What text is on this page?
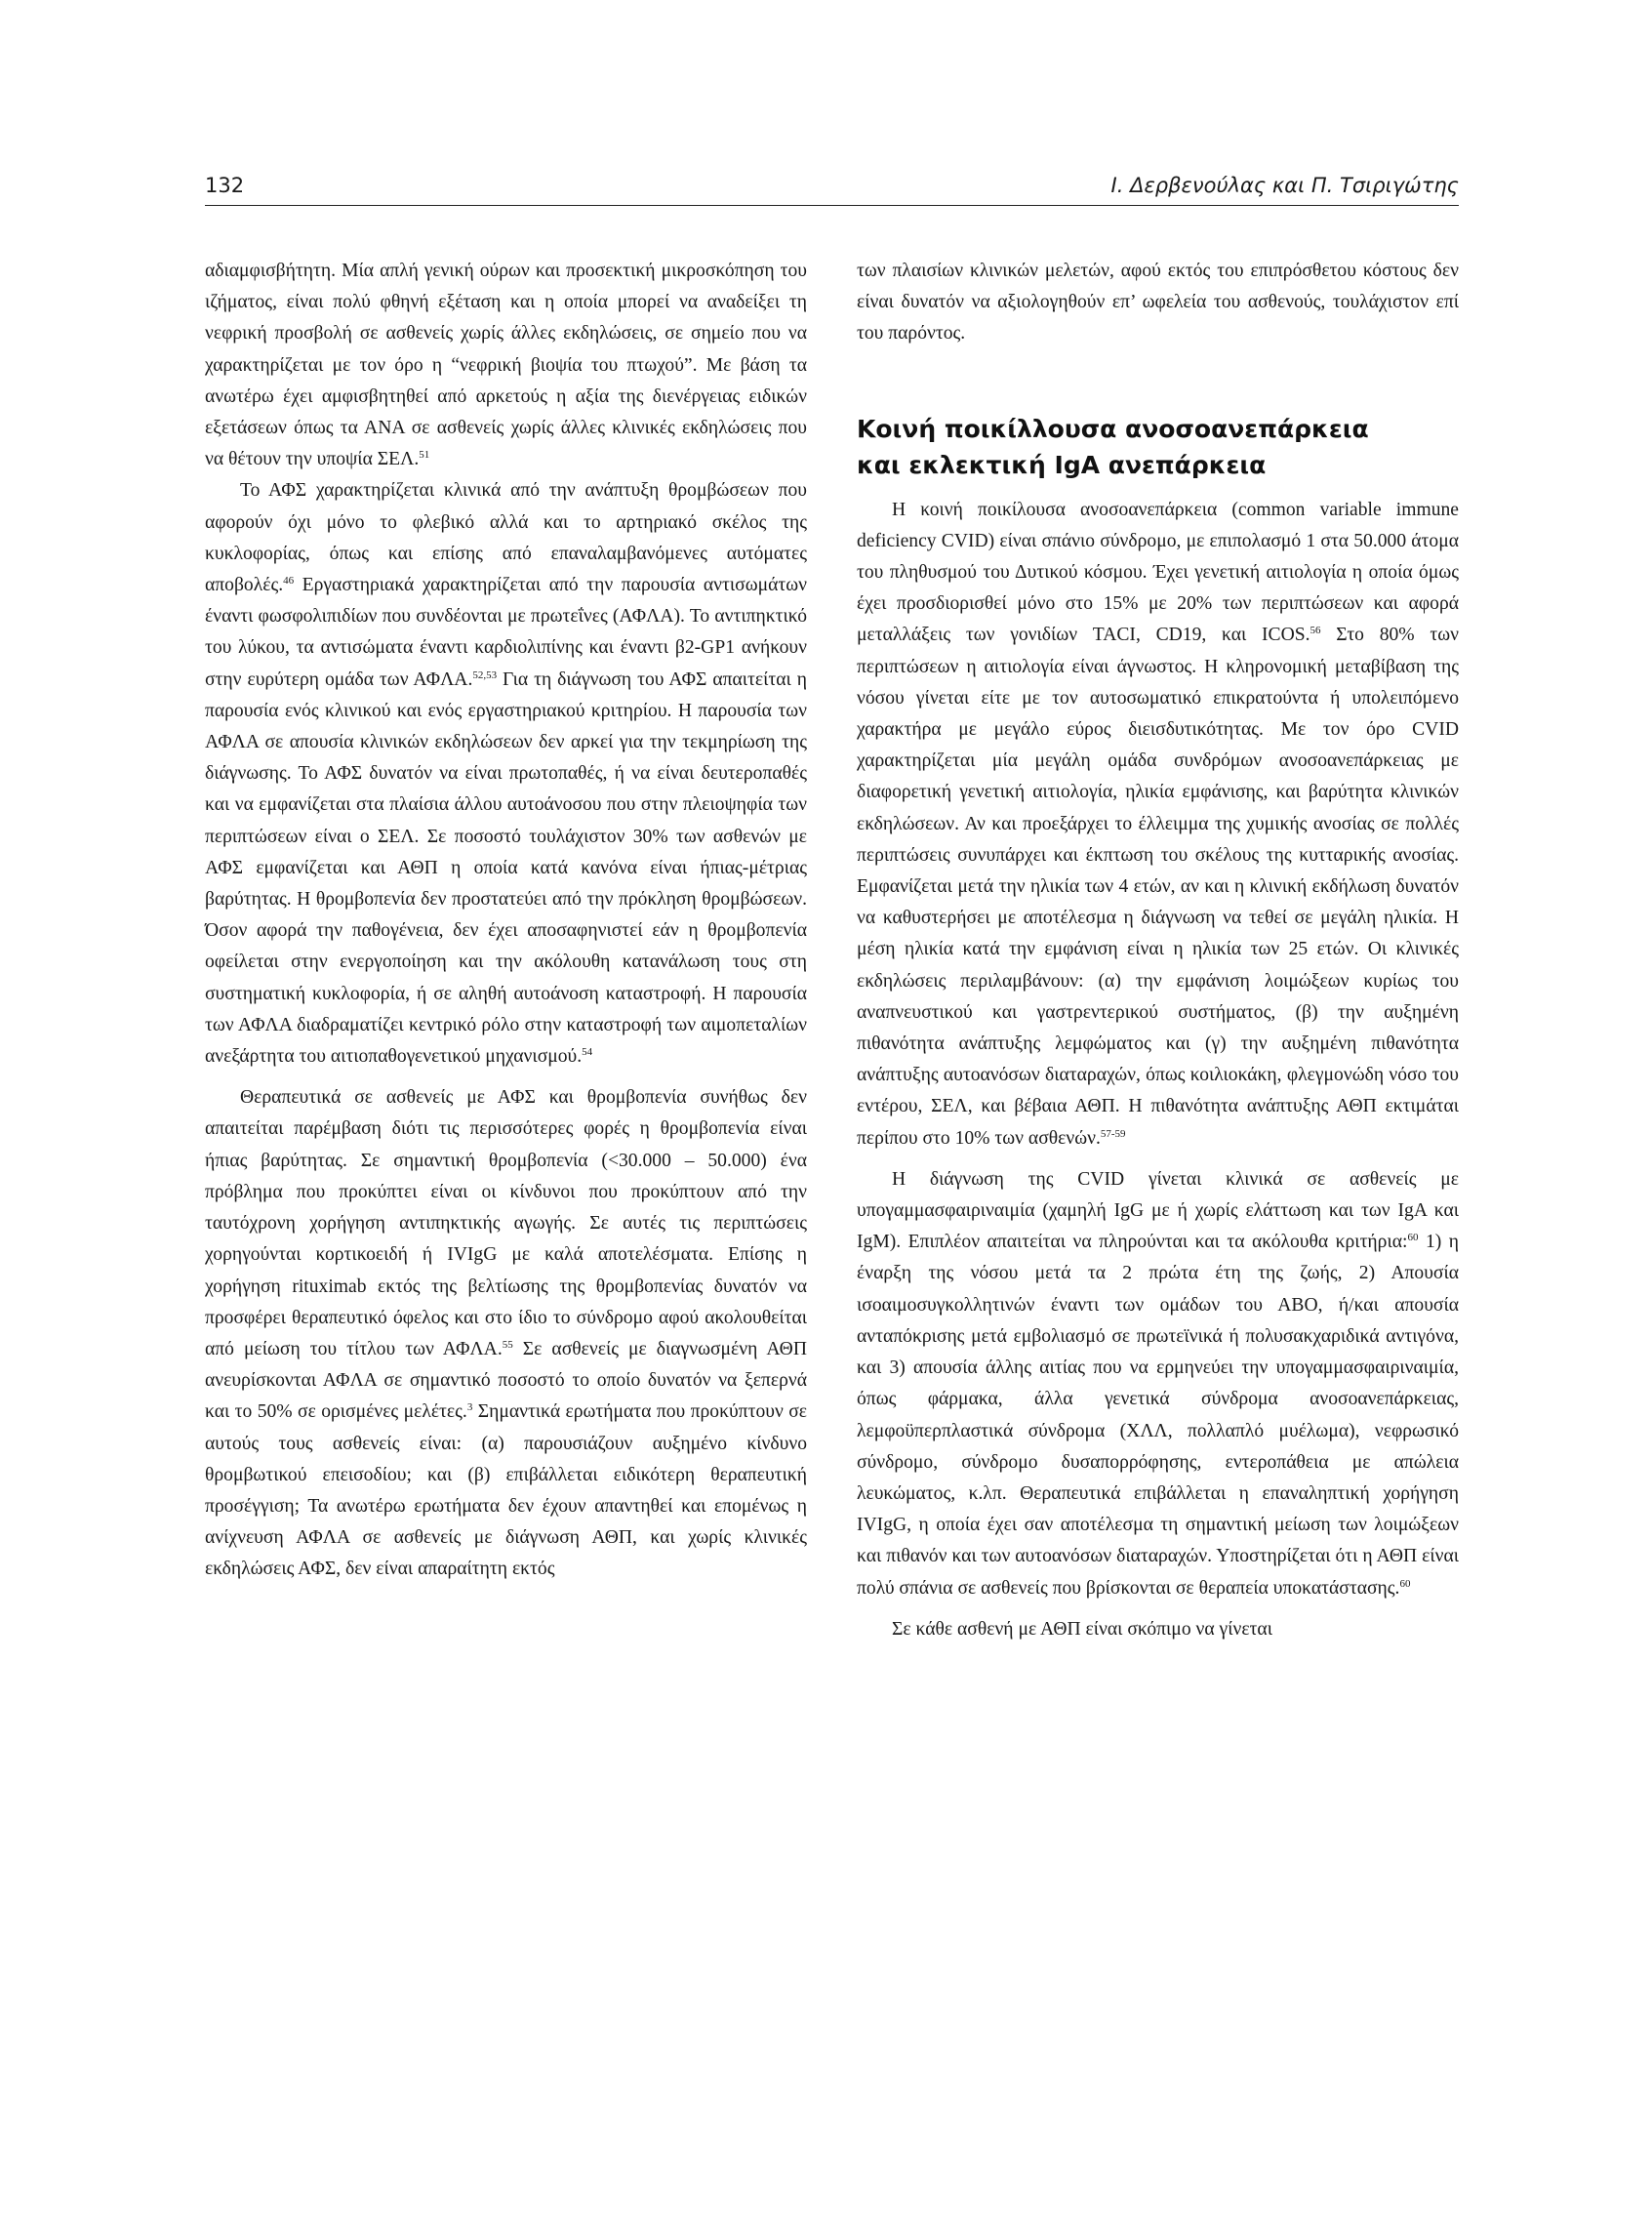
132	Ι. Δερβενούλας και Π. Τσιριγώτης

αδιαμφισβήτητη. Μία απλή γενική ούρων και προσεκτική μικροσκόπηση του ιζήματος, είναι πολύ φθηνή εξέταση και η οποία μπορεί να αναδείξει τη νεφρική προσβολή σε ασθενείς χωρίς άλλες εκδηλώσεις, σε σημείο που να χαρακτηρίζεται με τον όρο η “νεφρική βιοψία του πτωχού”. Με βάση τα ανωτέρω έχει αμφισβητηθεί από αρκετούς η αξία της διενέργειας ειδικών εξετάσεων όπως τα ΑΝΑ σε ασθενείς χωρίς άλλες κλινικές εκδηλώσεις που να θέτουν την υποψία ΣΕΛ.$^{51}$

Το ΑΦΣ χαρακτηρίζεται κλινικά από την ανάπτυξη θρομβώσεων που αφορούν όχι μόνο το φλεβικό αλλά και το αρτηριακό σκέλος της κυκλοφορίας, όπως και επίσης από επαναλαμβανόμενες αυτόματες αποβολές.$^{46}$ Εργαστηριακά χαρακτηρίζεται από την παρουσία αντισωμάτων έναντι φωσφολιπιδίων που συνδέονται με πρωτεΐνες (ΑΦΛΑ). Το αντιπηκτικό του λύκου, τα αντισώματα έναντι καρδιολιπίνης και έναντι β2-GP1 ανήκουν στην ευρύτερη ομάδα των ΑΦΛΑ.$^{52,53}$ Για τη διάγνωση του ΑΦΣ απαιτείται η παρουσία ενός κλινικού και ενός εργαστηριακού κριτηρίου. Η παρουσία των ΑΦΛΑ σε απουσία κλινικών εκδηλώσεων δεν αρκεί για την τεκμηρίωση της διάγνωσης. Το ΑΦΣ δυνατόν να είναι πρωτοπαθές, ή να είναι δευτεροπαθές και να εμφανίζεται στα πλαίσια άλλου αυτοάνοσου που στην πλειοψηφία των περιπτώσεων είναι ο ΣΕΛ. Σε ποσοστό τουλάχιστον 30% των ασθενών με ΑΦΣ εμφανίζεται και ΑΘΠ η οποία κατά κανόνα είναι ήπιας-μέτριας βαρύτητας. Η θρομβοπενία δεν προστατεύει από την πρόκληση θρομβώσεων. Όσον αφορά την παθογένεια, δεν έχει αποσαφηνιστεί εάν η θρομβοπενία οφείλεται στην ενεργοποίηση και την ακόλουθη κατανάλωση τους στη συστηματική κυκλοφορία, ή σε αληθή αυτοάνοση καταστροφή. Η παρουσία των ΑΦΛΑ διαδραματίζει κεντρικό ρόλο στην καταστροφή των αιμοπεταλίων ανεξάρτητα του αιτιοπαθογενετικού μηχανισμού.$^{54}$

Θεραπευτικά σε ασθενείς με ΑΦΣ και θρομβοπενία συνήθως δεν απαιτείται παρέμβαση διότι τις περισσότερες φορές η θρομβοπενία είναι ήπιας βαρύτητας. Σε σημαντική θρομβοπενία (<30.000 – 50.000) ένα πρόβλημα που προκύπτει είναι οι κίνδυνοι που προκύπτουν από την ταυτόχρονη χορήγηση αντιπηκτικής αγωγής. Σε αυτές τις περιπτώσεις χορηγούνται κορτικοειδή ή IVIgG με καλά αποτελέσματα. Επίσης η χορήγηση rituximab εκτός της βελτίωσης της θρομβοπενίας δυνατόν να προσφέρει θεραπευτικό όφελος και στο ίδιο το σύνδρομο αφού ακολουθείται από μείωση του τίτλου των ΑΦΛΑ.$^{55}$ Σε ασθενείς με διαγνωσμένη ΑΘΠ ανευρίσκονται ΑΦΛΑ σε σημαντικό ποσοστό το οποίο δυνατόν να ξεπερνά και το 50% σε ορισμένες μελέτες.$^3$ Σημαντικά ερωτήματα που προκύπτουν σε αυτούς τους ασθενείς είναι: (α) παρουσιάζουν αυξημένο κίνδυνο θρομβωτικού επεισοδίου; και (β) επιβάλλεται ειδικότερη θεραπευτική προσέγγιση; Τα ανωτέρω ερωτήματα δεν έχουν απαντηθεί και επομένως η ανίχνευση ΑΦΛΑ σε ασθενείς με διάγνωση ΑΘΠ, και χωρίς κλινικές εκδηλώσεις ΑΦΣ, δεν είναι απαραίτητη εκτός

των πλαισίων κλινικών μελετών, αφού εκτός του επιπρόσθετου κόστους δεν είναι δυνατόν να αξιολογηθούν επ’ ωφελεία του ασθενούς, τουλάχιστον επί του παρόντος.

Κοινή ποικίλλουσα ανοσοανεπάρκεια
και εκλεκτική IgA ανεπάρκεια

Η κοινή ποικίλουσα ανοσοανεπάρκεια (common variable immune deficiency CVID) είναι σπάνιο σύνδρομο, με επιπολασμό 1 στα 50.000 άτομα του πληθυσμού του Δυτικού κόσμου. Έχει γενετική αιτιολογία η οποία όμως έχει προσδιορισθεί μόνο στο 15% με 20% των περιπτώσεων και αφορά μεταλλάξεις των γονιδίων TACI, CD19, και ICOS.$^{56}$ Στο 80% των περιπτώσεων η αιτιολογία είναι άγνωστος. Η κληρονομική μεταβίβαση της νόσου γίνεται είτε με τον αυτοσωματικό επικρατούντα ή υπολειπόμενο χαρακτήρα με μεγάλο εύρος διεισδυτικότητας. Με τον όρο CVID χαρακτηρίζεται μία μεγάλη ομάδα συνδρόμων ανοσοανεπάρκειας με διαφορετική γενετική αιτιολογία, ηλικία εμφάνισης, και βαρύτητα κλινικών εκδηλώσεων. Αν και προεξάρχει το έλλειμμα της χυμικής ανοσίας σε πολλές περιπτώσεις συνυπάρχει και έκπτωση του σκέλους της κυτταρικής ανοσίας. Εμφανίζεται μετά την ηλικία των 4 ετών, αν και η κλινική εκδήλωση δυνατόν να καθυστερήσει με αποτέλεσμα η διάγνωση να τεθεί σε μεγάλη ηλικία. Η μέση ηλικία κατά την εμφάνιση είναι η ηλικία των 25 ετών. Οι κλινικές εκδηλώσεις περιλαμβάνουν: (α) την εμφάνιση λοιμώξεων κυρίως του αναπνευστικού και γαστρεντερικού συστήματος, (β) την αυξημένη πιθανότητα ανάπτυξης λεμφώματος και (γ) την αυξημένη πιθανότητα ανάπτυξης αυτοανόσων διαταραχών, όπως κοιλιοκάκη, φλεγμονώδη νόσο του εντέρου, ΣΕΛ, και βέβαια ΑΘΠ. Η πιθανότητα ανάπτυξης ΑΘΠ εκτιμάται περίπου στο 10% των ασθενών.$^{57-59}$

Η διάγνωση της CVID γίνεται κλινικά σε ασθενείς με υπογαμμασφαιριναιμία (χαμηλή IgG με ή χωρίς ελάττωση και των IgA και IgM). Επιπλέον απαιτείται να πληρούνται και τα ακόλουθα κριτήρια:$^{60}$ 1) η έναρξη της νόσου μετά τα 2 πρώτα έτη της ζωής, 2) Απουσία ισοαιμοσυγκολλητινών έναντι των ομάδων του ΑΒΟ, ή/και απουσία ανταπόκρισης μετά εμβολιασμό σε πρωτεϊνικά ή πολυσακχαριδικά αντιγόνα, και 3) απουσία άλλης αιτίας που να ερμηνεύει την υπογαμμασφαιριναιμία, όπως φάρμακα, άλλα γενετικά σύνδρομα ανοσοανεπάρκειας, λεμφοϋπερπλαστικά σύνδρομα (ΧΛΛ, πολλαπλό μυέλωμα), νεφρωσικό σύνδρομο, σύνδρομο δυσαπορρόφησης, εντεροπάθεια με απώλεια λευκώματος, κ.λπ. Θεραπευτικά επιβάλλεται η επαναληπτική χορήγηση IVIgG, η οποία έχει σαν αποτέλεσμα τη σημαντική μείωση των λοιμώξεων και πιθανόν και των αυτοανόσων διαταραχών. Υποστηρίζεται ότι η ΑΘΠ είναι πολύ σπάνια σε ασθενείς που βρίσκονται σε θεραπεία υποκατάστασης.$^{60}$

Σε κάθε ασθενή με ΑΘΠ είναι σκόπιμο να γίνεται
